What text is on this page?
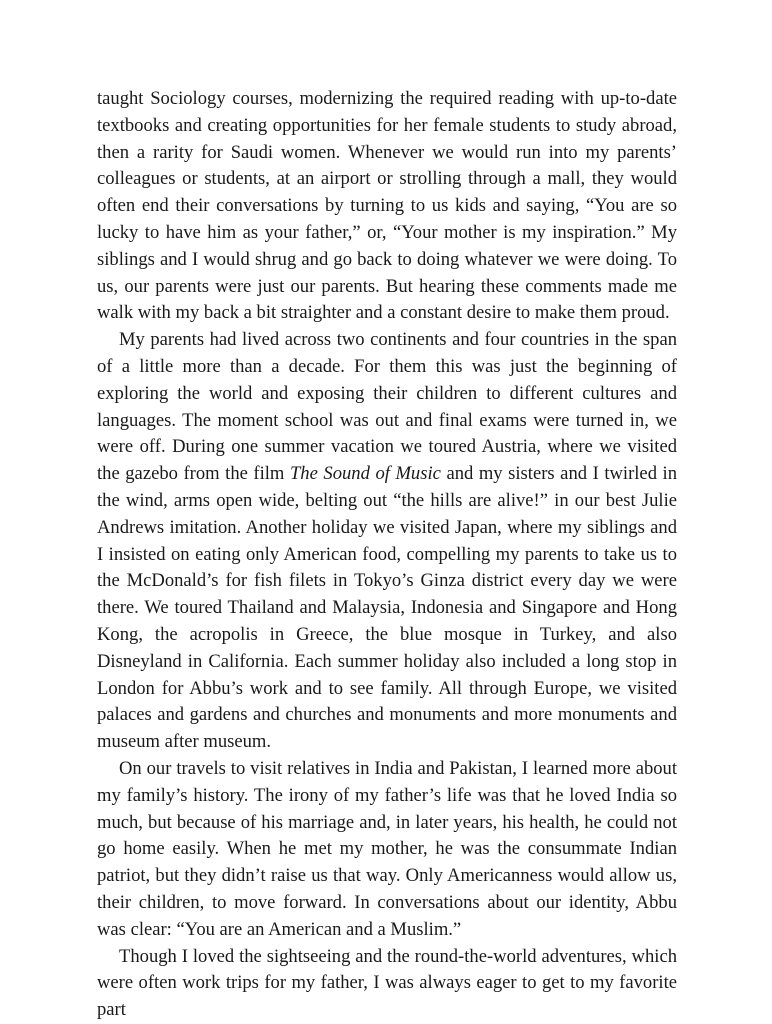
taught Sociology courses, modernizing the required reading with up-to-date textbooks and creating opportunities for her female students to study abroad, then a rarity for Saudi women. Whenever we would run into my parents’ colleagues or students, at an airport or strolling through a mall, they would often end their conversations by turning to us kids and saying, “You are so lucky to have him as your father,” or, “Your mother is my inspiration.” My siblings and I would shrug and go back to doing whatever we were doing. To us, our parents were just our parents. But hearing these comments made me walk with my back a bit straighter and a constant desire to make them proud.

My parents had lived across two continents and four countries in the span of a little more than a decade. For them this was just the beginning of exploring the world and exposing their children to different cultures and languages. The moment school was out and final exams were turned in, we were off. During one summer vacation we toured Austria, where we visited the gazebo from the film The Sound of Music and my sisters and I twirled in the wind, arms open wide, belting out “the hills are alive!” in our best Julie Andrews imitation. Another holiday we visited Japan, where my siblings and I insisted on eating only American food, compelling my parents to take us to the McDonald’s for fish filets in Tokyo’s Ginza district every day we were there. We toured Thailand and Malaysia, Indonesia and Singapore and Hong Kong, the acropolis in Greece, the blue mosque in Turkey, and also Disneyland in California. Each summer holiday also included a long stop in London for Abbu’s work and to see family. All through Europe, we visited palaces and gardens and churches and monuments and more monuments and museum after museum.

On our travels to visit relatives in India and Pakistan, I learned more about my family’s history. The irony of my father’s life was that he loved India so much, but because of his marriage and, in later years, his health, he could not go home easily. When he met my mother, he was the consummate Indian patriot, but they didn’t raise us that way. Only Americanness would allow us, their children, to move forward. In conversations about our identity, Abbu was clear: “You are an American and a Muslim.”

Though I loved the sightseeing and the round-the-world adventures, which were often work trips for my father, I was always eager to get to my favorite part
